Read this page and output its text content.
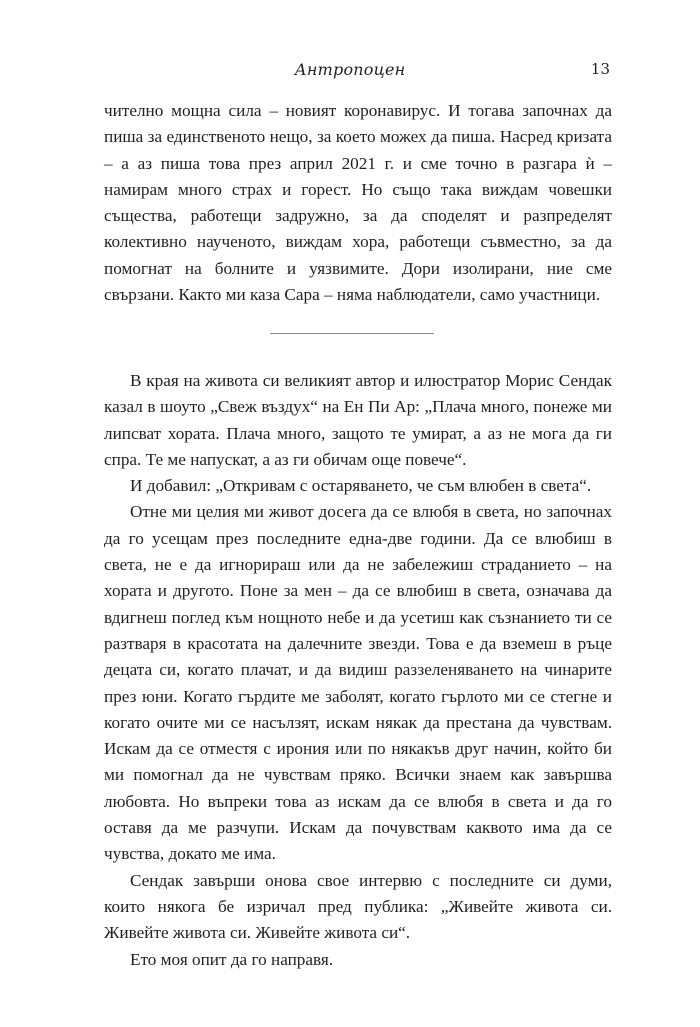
Антропоцен	13

чително мощна сила – новият коронавирус. И тогава започнах да пиша за единственото нещо, за което можех да пиша. Насред кризата – а аз пиша това през април 2021 г. и сме точно в разгара ѝ – намирам много страх и горест. Но също така виждам човешки същества, работещи задружно, за да споделят и разпределят колективно наученото, виждам хора, работещи съвместно, за да помогнат на болните и уязвимите. Дори изолирани, ние сме свързани. Както ми каза Сара – няма наблюдатели, само участници.

В края на живота си великият автор и илюстратор Морис Сендак казал в шоуто „Свеж въздух“ на Ен Пи Ар: „Плача много, понеже ми липсват хората. Плача много, защото те умират, а аз не мога да ги спра. Те ме напускат, а аз ги обичам още повече“.

И добавил: „Откривам с остаряването, че съм влюбен в света“.

Отне ми целия ми живот досега да се влюбя в света, но започнах да го усещам през последните една-две години. Да се влюбиш в света, не е да игнорираш или да не забележиш страданието – на хората и другото. Поне за мен – да се влюбиш в света, означава да вдигнеш поглед към нощното небе и да усетиш как съзнанието ти се разтваря в красотата на далечните звезди. Това е да вземеш в ръце децата си, когато плачат, и да видиш раззеленяването на чинарите през юни. Когато гърдите ме заболят, когато гърлото ми се стегне и когато очите ми се насълзят, искам някак да престана да чувствам. Искам да се отместя с ирония или по някакъв друг начин, който би ми помогнал да не чувствам пряко. Всички знаем как завършва любовта. Но въпреки това аз искам да се влюбя в света и да го оставя да ме разчупи. Искам да почувствам каквото има да се чувства, докато ме има.

Сендак завърши онова свое интервю с последните си думи, които някога бе изричал пред публика: „Живейте живота си. Живейте живота си. Живейте живота си“.

Ето моя опит да го направя.
